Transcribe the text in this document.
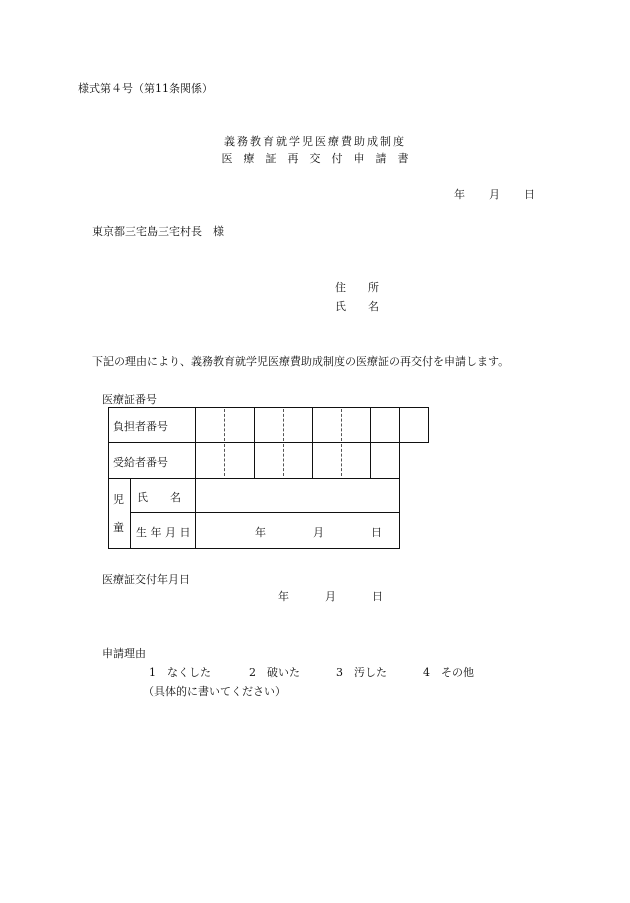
様式第４号（第11条関係）
義務教育就学児医療費助成制度
医　療　証　再　交　付　申　請　書
年 月 日
東京都三宅島三宅村長　様
住　　所
氏　　名
下記の理由により、義務教育就学児医療費助成制度の医療証の再交付を申請します。
医療証番号
負担者番号
受給者番号
児
童
氏　　名
生 年 月 日	年	月	日
医療証交付年月日
年	月	日
申請理由
1　なくした	2　破いた	3　汚した	4　その他
（具体的に書いてください）
